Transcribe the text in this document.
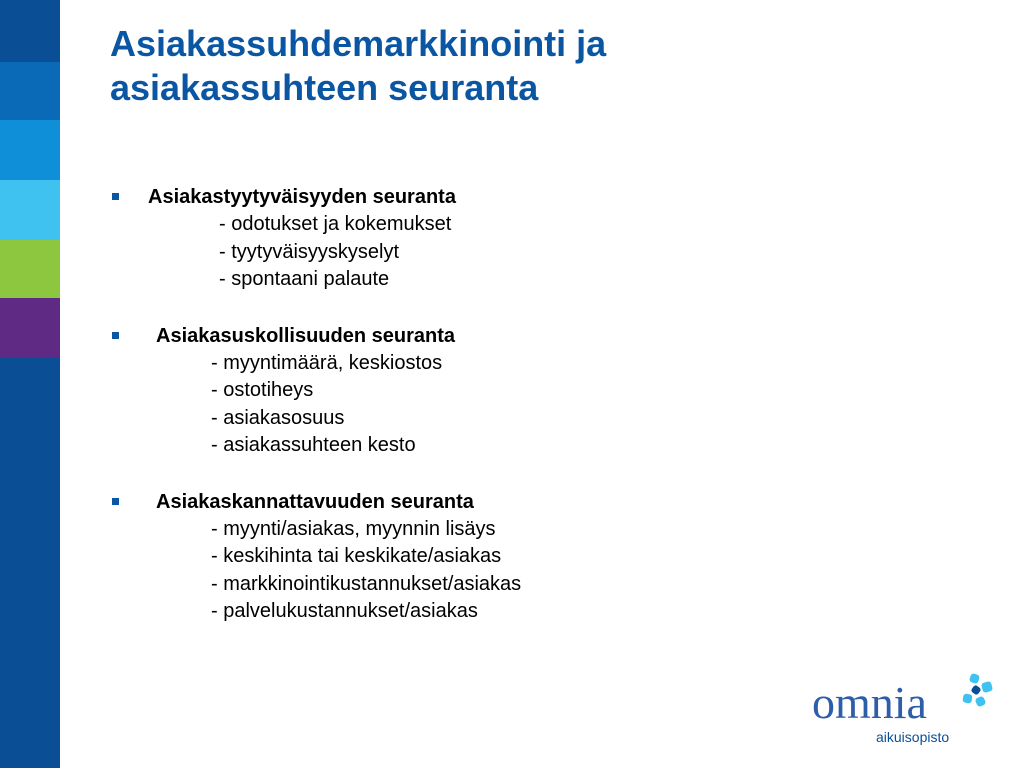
Asiakassuhdemarkkinointi ja
asiakassuhteen seuranta
Asiakastyytyväisyyden seuranta
- odotukset ja kokemukset
- tyytyväisyyskyselyt
- spontaani palaute
Asiakasuskollisuuden seuranta
- myyntimäärä, keskiostos
- ostotiheys
- asiakasosuus
- asiakassuhteen kesto
Asiakaskannattavuuden seuranta
- myynti/asiakas, myynnin lisäys
- keskihinta tai keskikate/asiakas
- markkinointikustannukset/asiakas
- palvelukustannukset/asiakas
omnia
aikuisopisto
